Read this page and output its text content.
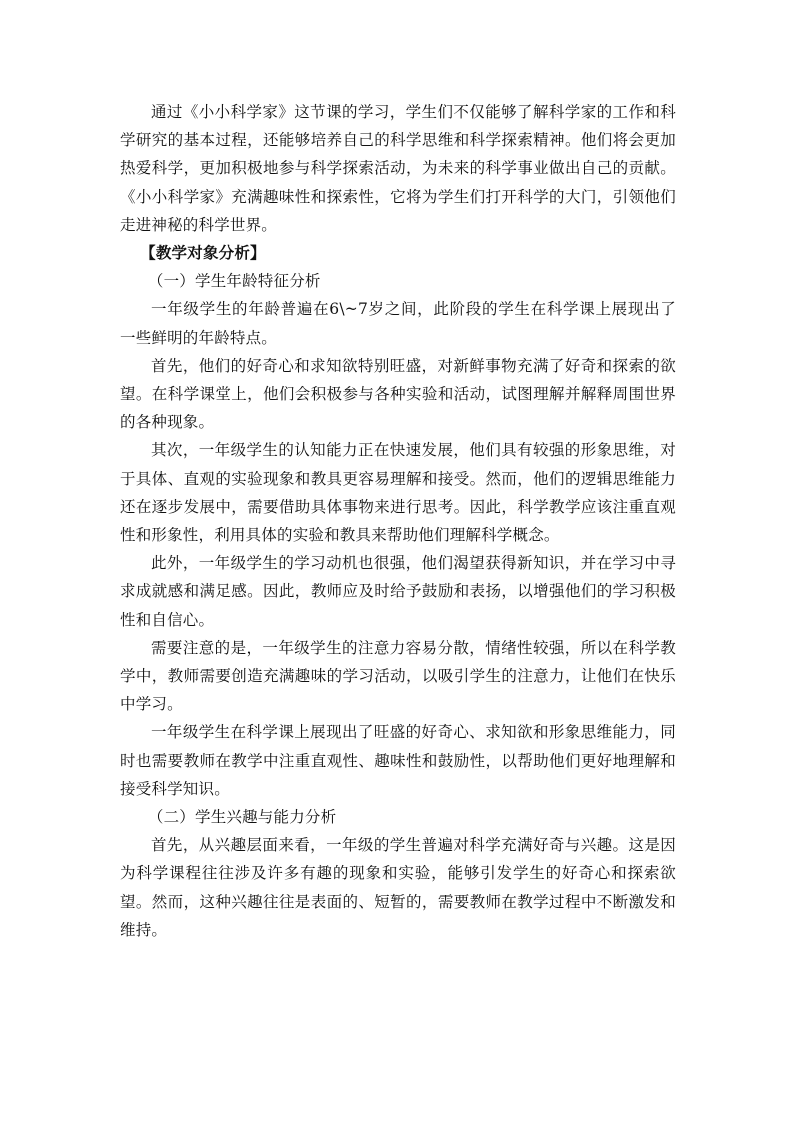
通过《小小科学家》这节课的学习，学生们不仅能够了解科学家的工作和科学研究的基本过程，还能够培养自己的科学思维和科学探索精神。他们将会更加热爱科学，更加积极地参与科学探索活动，为未来的科学事业做出自己的贡献。《小小科学家》充满趣味性和探索性，它将为学生们打开科学的大门，引领他们走进神秘的科学世界。

【教学对象分析】

（一）学生年龄特征分析

一年级学生的年龄普遍在6\~7岁之间，此阶段的学生在科学课上展现出了一些鲜明的年龄特点。

首先，他们的好奇心和求知欲特别旺盛，对新鲜事物充满了好奇和探索的欲望。在科学课堂上，他们会积极参与各种实验和活动，试图理解并解释周围世界的各种现象。

其次，一年级学生的认知能力正在快速发展，他们具有较强的形象思维，对于具体、直观的实验现象和教具更容易理解和接受。然而，他们的逻辑思维能力还在逐步发展中，需要借助具体事物来进行思考。因此，科学教学应该注重直观性和形象性，利用具体的实验和教具来帮助他们理解科学概念。

此外，一年级学生的学习动机也很强，他们渴望获得新知识，并在学习中寻求成就感和满足感。因此，教师应及时给予鼓励和表扬，以增强他们的学习积极性和自信心。

需要注意的是，一年级学生的注意力容易分散，情绪性较强，所以在科学教学中，教师需要创造充满趣味的学习活动，以吸引学生的注意力，让他们在快乐中学习。

一年级学生在科学课上展现出了旺盛的好奇心、求知欲和形象思维能力，同时也需要教师在教学中注重直观性、趣味性和鼓励性，以帮助他们更好地理解和接受科学知识。

（二）学生兴趣与能力分析

首先，从兴趣层面来看，一年级的学生普遍对科学充满好奇与兴趣。这是因为科学课程往往涉及许多有趣的现象和实验，能够引发学生的好奇心和探索欲望。然而，这种兴趣往往是表面的、短暂的，需要教师在教学过程中不断激发和维持。
